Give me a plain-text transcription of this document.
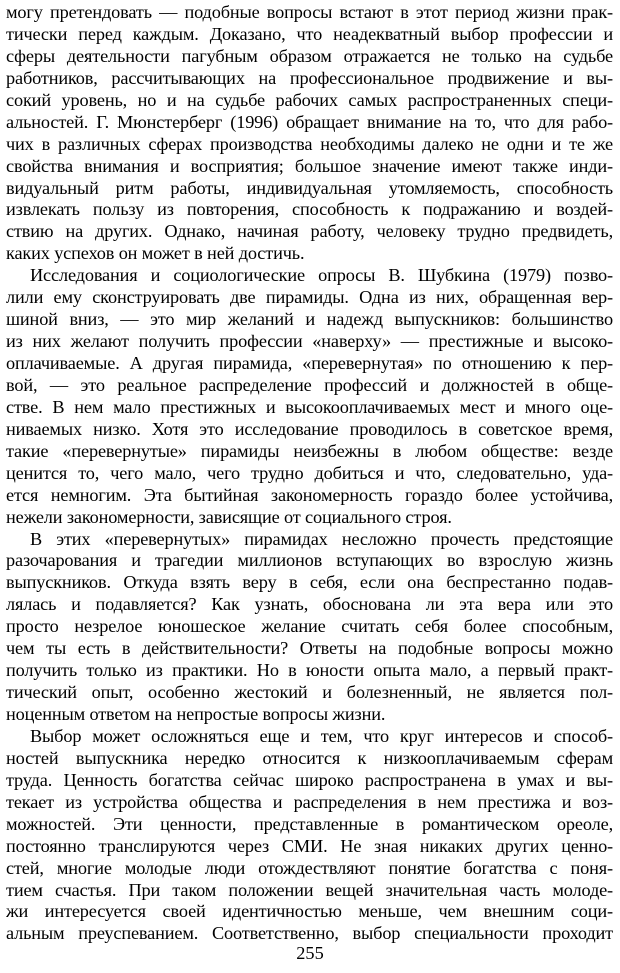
могу претендовать — подобные вопросы встают в этот период жизни прак-
тически перед каждым. Доказано, что неадекватный выбор профессии и
сферы деятельности пагубным образом отражается не только на судьбе
работников, рассчитывающих на профессиональное продвижение и вы-
сокий уровень, но и на судьбе рабочих самых распространенных специ-
альностей. Г. Мюнстерберг (1996) обращает внимание на то, что для рабо-
чих в различных сферах производства необходимы далеко не одни и те же
свойства внимания и восприятия; большое значение имеют также инди-
видуальный ритм работы, индивидуальная утомляемость, способность
извлекать пользу из повторения, способность к подражанию и воздей-
ствию на других. Однако, начиная работу, человеку трудно предвидеть,
каких успехов он может в ней достичь.
Исследования и социологические опросы В. Шубкина (1979) позво-
лили ему сконструировать две пирамиды. Одна из них, обращенная вер-
шиной вниз, — это мир желаний и надежд выпускников: большинство
из них желают получить профессии «наверху» — престижные и высоко-
оплачиваемые. А другая пирамида, «перевернутая» по отношению к пер-
вой, — это реальное распределение профессий и должностей в обще-
стве. В нем мало престижных и высокооплачиваемых мест и много оце-
ниваемых низко. Хотя это исследование проводилось в советское время,
такие «перевернутые» пирамиды неизбежны в любом обществе: везде
ценится то, чего мало, чего трудно добиться и что, следовательно, уда-
ется немногим. Эта бытийная закономерность гораздо более устойчива,
нежели закономерности, зависящие от социального строя.
В этих «перевернутых» пирамидах несложно прочесть предстоящие
разочарования и трагедии миллионов вступающих во взрослую жизнь
выпускников. Откуда взять веру в себя, если она беспрестанно подав-
лялась и подавляется? Как узнать, обоснована ли эта вера или это
просто незрелое юношеское желание считать себя более способным,
чем ты есть в действительности? Ответы на подобные вопросы можно
получить только из практики. Но в юности опыта мало, а первый практ-
тический опыт, особенно жестокий и болезненный, не является пол-
ноценным ответом на непростые вопросы жизни.
Выбор может осложняться еще и тем, что круг интересов и способ-
ностей выпускника нередко относится к низкооплачиваемым сферам
труда. Ценность богатства сейчас широко распространена в умах и вы-
текает из устройства общества и распределения в нем престижа и воз-
можностей. Эти ценности, представленные в романтическом ореоле,
постоянно транслируются через СМИ. Не зная никаких других ценно-
стей, многие молодые люди отождествляют понятие богатства с поня-
тием счастья. При таком положении вещей значительная часть молоде-
жи интересуется своей идентичностью меньше, чем внешним соци-
альным преуспеванием. Соответственно, выбор специальности проходит
255
